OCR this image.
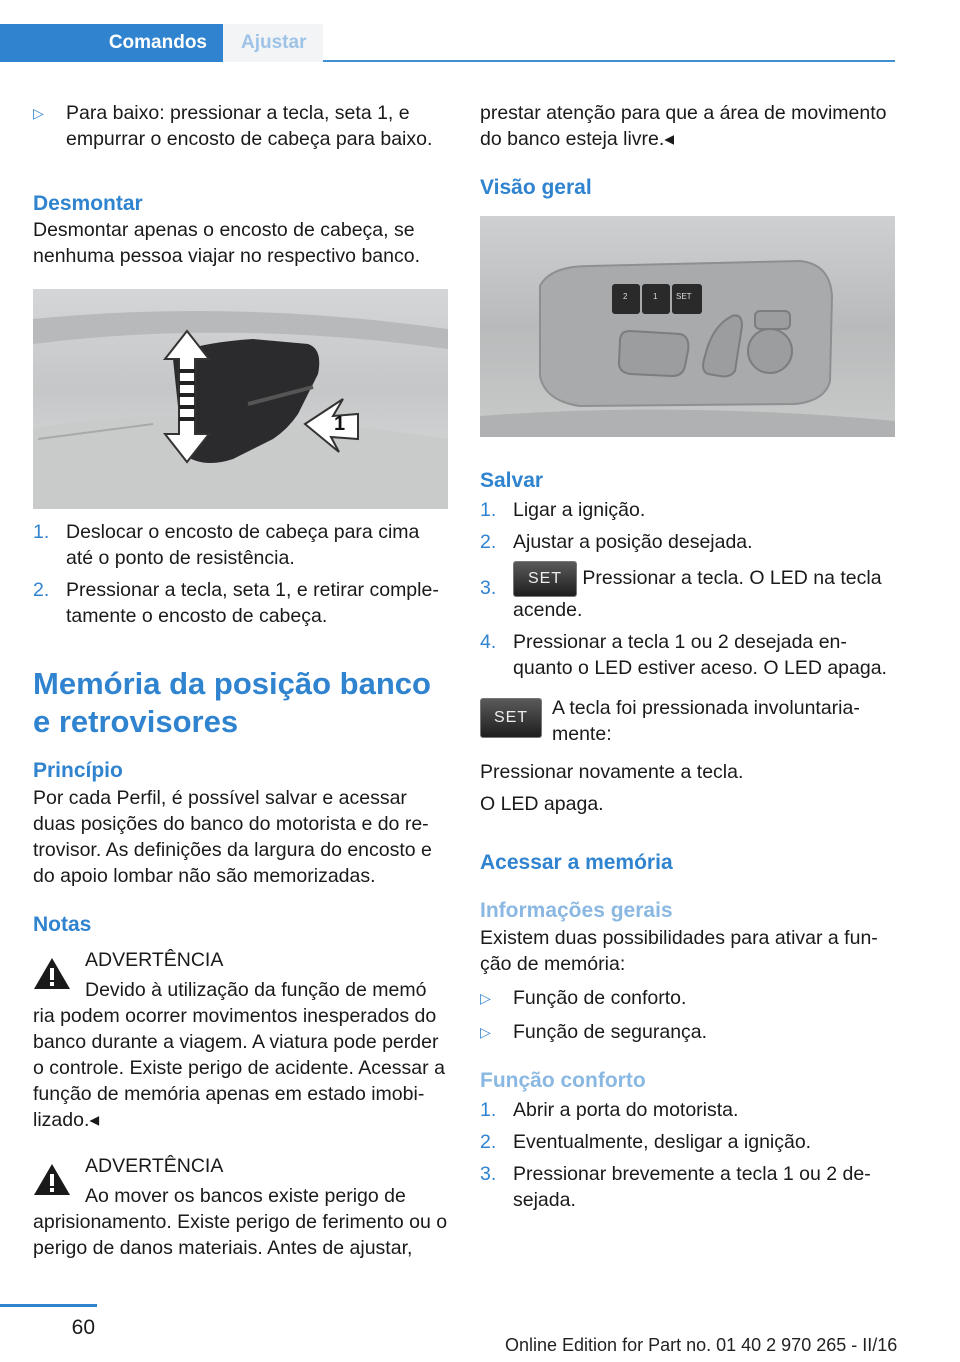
Comandos	Ajustar
▷ Para baixo: pressionar a tecla, seta 1, e empurrar o encosto de cabeça para baixo.

Desmontar

Desmontar apenas o encosto de cabeça, se nenhuma pessoa viajar no respectivo banco.

1
1. Deslocar o encosto de cabeça para cima até o ponto de resistência.
2. Pressionar a tecla, seta 1, e retirar completamente o encosto de cabeça.

Memória da posição banco e retrovisores

Princípio

Por cada Perfil, é possível salvar e acessar duas posições do banco do motorista e do retrovisor. As definições da largura do encosto e do apoio lombar não são memorizadas.

Notas

ADVERTÊNCIA

Devido à utilização da função de memó

ria podem ocorrer movimentos inesperados do banco durante a viagem. A viatura pode perder o controle. Existe perigo de acidente. Acessar a função de memória apenas em estado imobilizado.◂

ADVERTÊNCIA

Ao mover os bancos existe perigo de

aprisionamento. Existe perigo de ferimento ou o perigo de danos materiais. Antes de ajustar,

prestar atenção para que a área de movimento do banco esteja livre.◂

Visão geral

2	1 SET

Salvar

1. Ligar a ignição.
2. Ajustar a posição desejada.
3. SET Pressionar a tecla. O LED na tecla acende.
4. Pressionar a tecla 1 ou 2 desejada enquanto o LED estiver aceso. O LED apaga.
SET	A tecla foi pressionada involuntariamente:

Pressionar novamente a tecla.

O LED apaga.

Acessar a memória

Informações gerais

Existem duas possibilidades para ativar a função de memória:

▷ Função de conforto.
▷ Função de segurança.

Função conforto

1. Abrir a porta do motorista.
2. Eventualmente, desligar a ignição.
3. Pressionar brevemente a tecla 1 ou 2 desejada.
60
Online Edition for Part no. 01 40 2 970 265 - II/16
